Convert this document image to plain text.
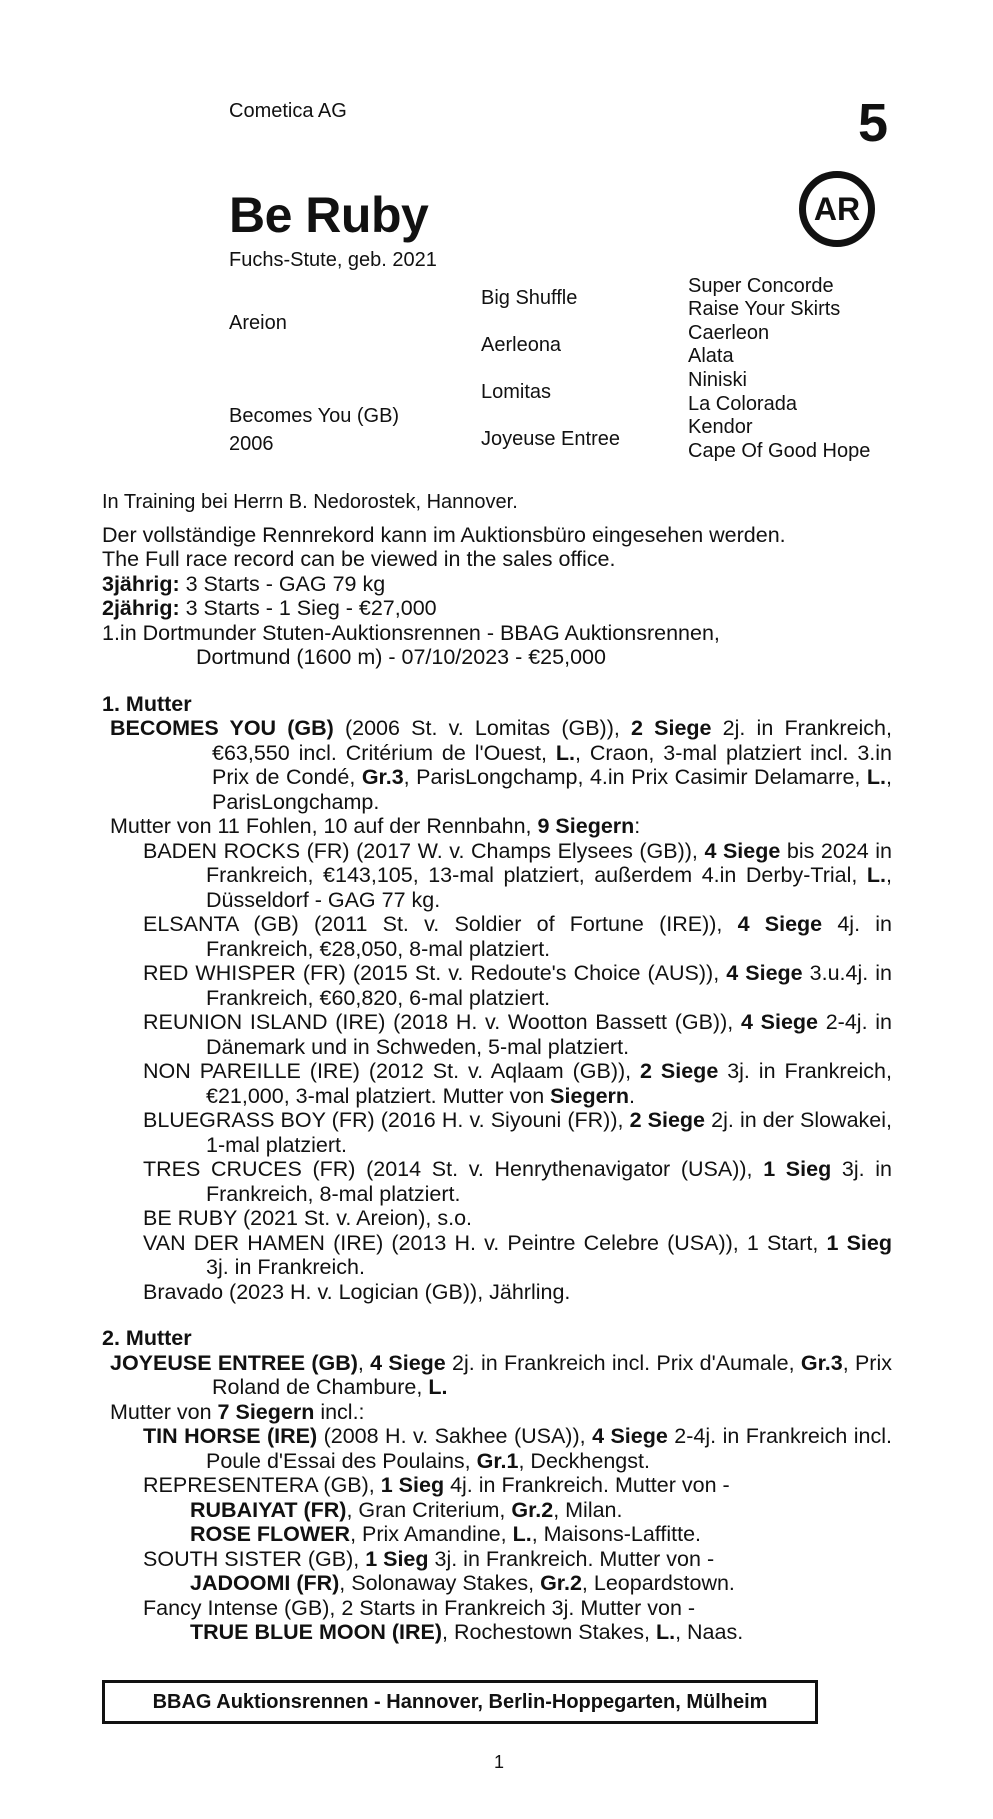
Cometica AG	5
Be Ruby	AR
Fuchs-Stute, geb. 2021
Areion
Becomes You (GB)
2006
Big Shuffle
Aerleona
Lomitas
Joyeuse Entree
Super Concorde
Raise Your Skirts
Caerleon
Alata
Niniski
La Colorada
Kendor
Cape Of Good Hope

In Training bei Herrn B. Nedorostek, Hannover.

Der vollständige Rennrekord kann im Auktionsbüro eingesehen werden.

The Full race record can be viewed in the sales office.

3jährig: 3 Starts - GAG 79 kg

2jährig: 3 Starts - 1 Sieg - €27,000

1.in Dortmunder Stuten-Auktionsrennen - BBAG Auktionsrennen,

Dortmund (1600 m) - 07/10/2023 - €25,000

1. Mutter

BECOMES YOU (GB) (2006 St. v. Lomitas (GB)), 2 Siege 2j. in Frankreich, €63,550 incl. Critérium de l'Ouest, L., Craon, 3-mal platziert incl. 3.in Prix de Condé, Gr.3, ParisLongchamp, 4.in Prix Casimir Delamarre, L., ParisLongchamp.

Mutter von 11 Fohlen, 10 auf der Rennbahn, 9 Siegern:

BADEN ROCKS (FR) (2017 W. v. Champs Elysees (GB)), 4 Siege bis 2024 in Frankreich, €143,105, 13-mal platziert, außerdem 4.in Derby-Trial, L., Düsseldorf - GAG 77 kg.

ELSANTA (GB) (2011 St. v. Soldier of Fortune (IRE)), 4 Siege 4j. in Frankreich, €28,050, 8-mal platziert.

RED WHISPER (FR) (2015 St. v. Redoute's Choice (AUS)), 4 Siege 3.u.4j. in Frankreich, €60,820, 6-mal platziert.

REUNION ISLAND (IRE) (2018 H. v. Wootton Bassett (GB)), 4 Siege 2-4j. in Dänemark und in Schweden, 5-mal platziert.

NON PAREILLE (IRE) (2012 St. v. Aqlaam (GB)), 2 Siege 3j. in Frankreich, €21,000, 3-mal platziert. Mutter von Siegern.

BLUEGRASS BOY (FR) (2016 H. v. Siyouni (FR)), 2 Siege 2j. in der Slowakei, 1-mal platziert.

TRES CRUCES (FR) (2014 St. v. Henrythenavigator (USA)), 1 Sieg 3j. in Frankreich, 8-mal platziert.

BE RUBY (2021 St. v. Areion), s.o.

VAN DER HAMEN (IRE) (2013 H. v. Peintre Celebre (USA)), 1 Start, 1 Sieg 3j. in Frankreich.

Bravado (2023 H. v. Logician (GB)), Jährling.

2. Mutter

JOYEUSE ENTREE (GB), 4 Siege 2j. in Frankreich incl. Prix d'Aumale, Gr.3, Prix Roland de Chambure, L.

Mutter von 7 Siegern incl.:

TIN HORSE (IRE) (2008 H. v. Sakhee (USA)), 4 Siege 2-4j. in Frankreich incl. Poule d'Essai des Poulains, Gr.1, Deckhengst.

REPRESENTERA (GB), 1 Sieg 4j. in Frankreich. Mutter von -

RUBAIYAT (FR), Gran Criterium, Gr.2, Milan.

ROSE FLOWER, Prix Amandine, L., Maisons-Laffitte.

SOUTH SISTER (GB), 1 Sieg 3j. in Frankreich. Mutter von -

JADOOMI (FR), Solonaway Stakes, Gr.2, Leopardstown.

Fancy Intense (GB), 2 Starts in Frankreich 3j. Mutter von -

TRUE BLUE MOON (IRE), Rochestown Stakes, L., Naas.

BBAG Auktionsrennen - Hannover, Berlin-Hoppegarten, Mülheim
1
